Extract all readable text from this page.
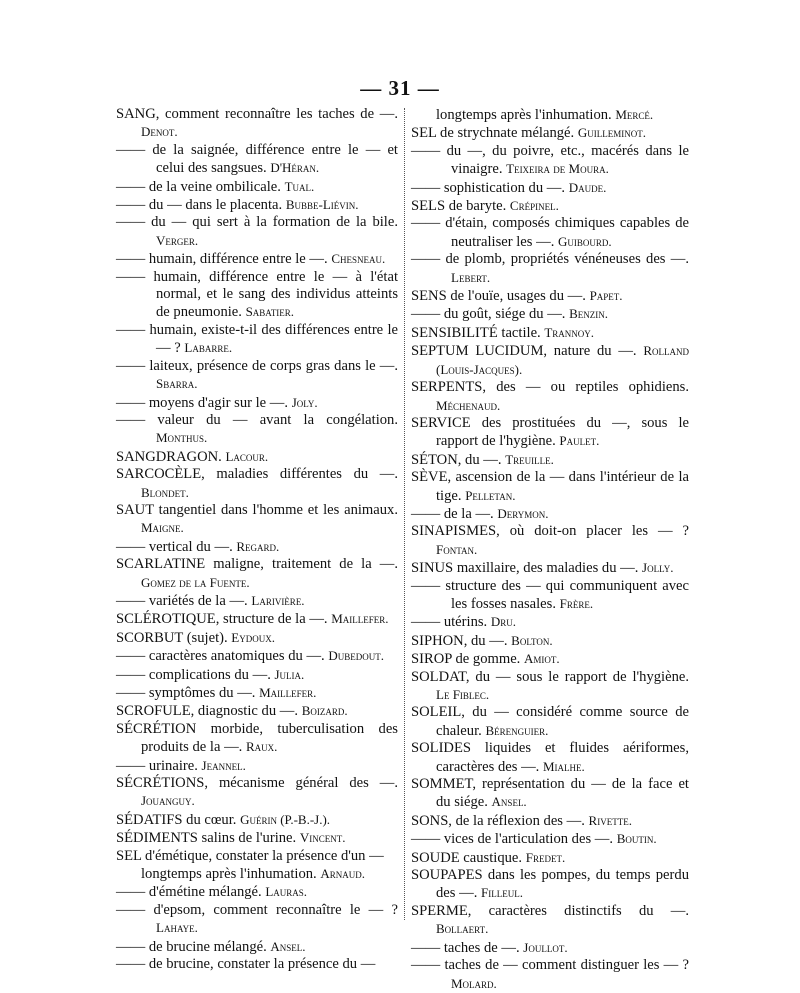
— 31 —
SANG, comment reconnaître les taches de —. Denot.
—— de la saignée, différence entre le — et celui des sangsues. D'Héran.
—— de la veine ombilicale. Tual.
—— du — dans le placenta. Bubbe-Liévin.
—— du — qui sert à la formation de la bile. Verger.
—— humain, différence entre le —. Chesneau.
—— humain, différence entre le — à l'état normal, et le sang des individus atteints de pneumonie. Sabatier.
—— humain, existe-t-il des différences entre le — ? Labarre.
—— laiteux, présence de corps gras dans le —. Sbarra.
—— moyens d'agir sur le —. Joly.
—— valeur du — avant la congélation. Monthus.
SANGDRAGON. Lacour.
SARCOCÈLE, maladies différentes du —. Blondet.
SAUT tangentiel dans l'homme et les animaux. Maigne.
—— vertical du —. Regard.
SCARLATINE maligne, traitement de la —. Gomez de la Fuente.
—— variétés de la —. Larivière.
SCLÉROTIQUE, structure de la —. Maillefer.
SCORBUT (sujet). Eydoux.
—— caractères anatomiques du —. Dubedout.
—— complications du —. Julia.
—— symptômes du —. Maillefer.
SCROFULE, diagnostic du —. Boizard.
SÉCRÉTION morbide, tuberculisation des produits de la —. Raux.
—— urinaire. Jeannel.
SÉCRÉTIONS, mécanisme général des —. Jouanguy.
SÉDATIFS du cœur. Guérin (P.-B.-J.).
SÉDIMENTS salins de l'urine. Vincent.
SEL d'émétique, constater la présence d'un —
longtemps après l'inhumation. Arnaud.
—— d'émétine mélangé. Lauras.
—— d'epsom, comment reconnaître le — ? Lahaye.
—— de brucine mélangé. Ansel.
—— de brucine, constater la présence du —
longtemps après l'inhumation. Mercé.
SEL de strychnate mélangé. Guilleminot.
—— du —, du poivre, etc., macérés dans le vinaigre. Teixeira de Moura.
—— sophistication du —. Daude.
SELS de baryte. Crépinel.
—— d'étain, composés chimiques capables de neutraliser les —. Guibourd.
—— de plomb, propriétés vénéneuses des —. Lebert.
SENS de l'ouïe, usages du —. Papet.
—— du goût, siége du —. Benzin.
SENSIBILITÉ tactile. Trannoy.
SEPTUM LUCIDUM, nature du —. Rolland (Louis-Jacques).
SERPENTS, des — ou reptiles ophidiens. Méchenaud.
SERVICE des prostituées du —, sous le rapport de l'hygiène. Paulet.
SÉTON, du —. Treuille.
SÈVE, ascension de la — dans l'intérieur de la tige. Pelletan.
—— de la —. Derymon.
SINAPISMES, où doit-on placer les — ? Fontan.
SINUS maxillaire, des maladies du —. Jolly.
—— structure des — qui communiquent avec les fosses nasales. Frère.
—— utérins. Dru.
SIPHON, du —. Bolton.
SIROP de gomme. Amiot.
SOLDAT, du — sous le rapport de l'hygiène. Le Fiblec.
SOLEIL, du — considéré comme source de chaleur. Bérenguier.
SOLIDES liquides et fluides aériformes, caractères des —. Mialhe.
SOMMET, représentation du — de la face et du siége. Ansel.
SONS, de la réflexion des —. Rivette.
—— vices de l'articulation des —. Boutin.
SOUDE caustique. Fredet.
SOUPAPES dans les pompes, du temps perdu des —. Filleul.
SPERME, caractères distinctifs du —. Bollaert.
—— taches de —. Joullot.
—— taches de — comment distinguer les — ? Molard.
